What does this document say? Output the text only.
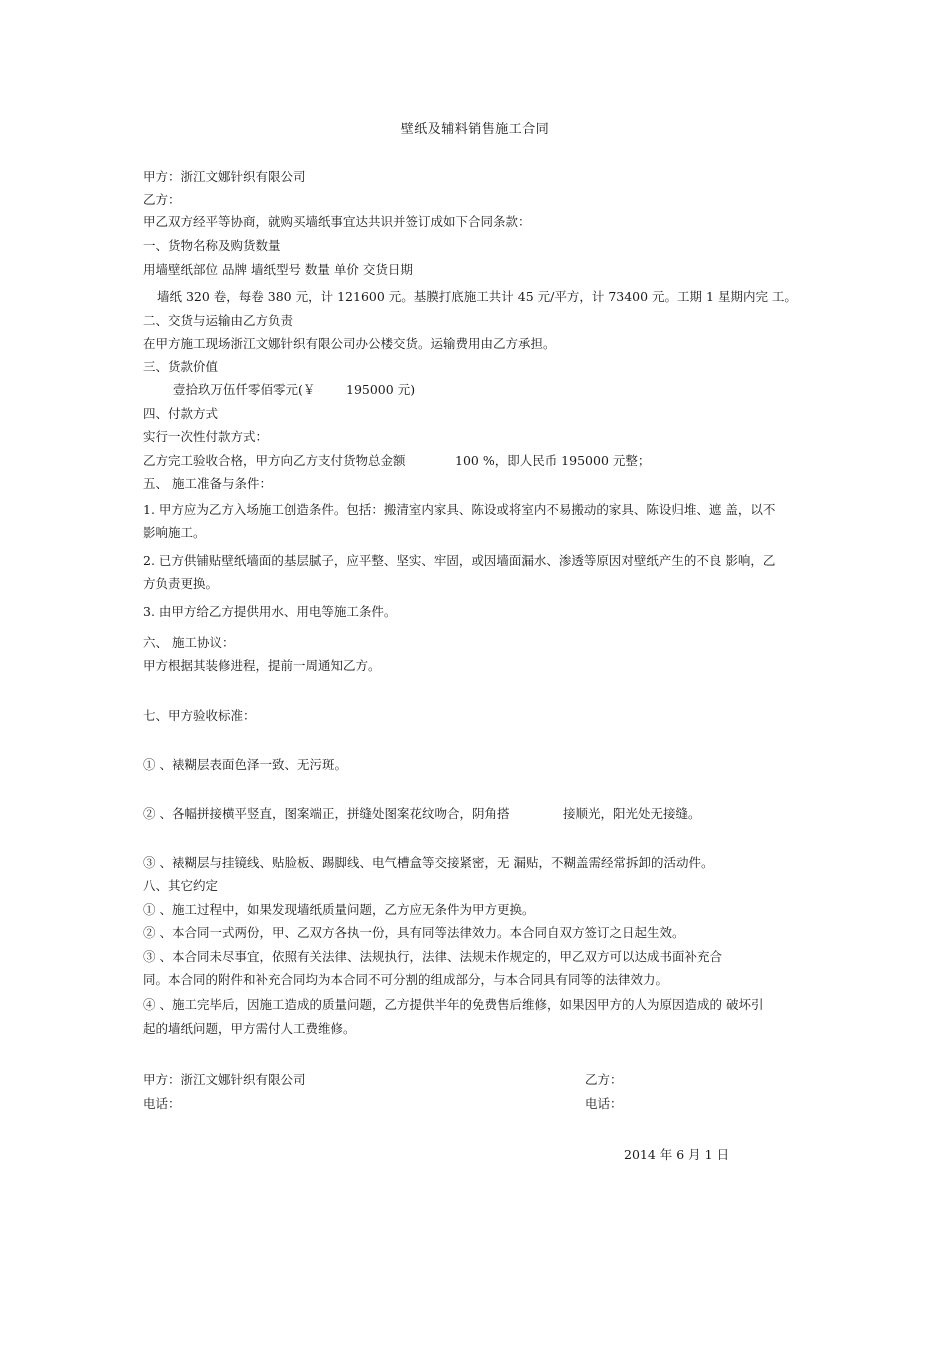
壁纸及辅料销售施工合同
甲方：浙江文娜针织有限公司
乙方：
甲乙双方经平等协商，就购买墙纸事宜达共识并签订成如下合同条款：
一、货物名称及购货数量
用墙壁纸部位 品牌 墙纸型号 数量 单价 交货日期
墙纸 320 卷，每卷 380 元，计 121600 元。基膜打底施工共计 45 元/平方，计 73400 元。工期 1 星期内完 工。
二、交货与运输由乙方负责
在甲方施工现场浙江文娜针织有限公司办公楼交货。运输费用由乙方承担。
三、货款价值
壹拾玖万伍仟零佰零元(￥ 195000 元)
四、付款方式
实行一次性付款方式：
乙方完工验收合格，甲方向乙方支付货物总金额	100 %，即人民币 195000 元整；
五、 施工准备与条件：
1. 甲方应为乙方入场施工创造条件。包括：搬清室内家具、陈设或将室内不易搬动的家具、陈设归堆、遮 盖，以不
影响施工。
2. 已方供铺贴壁纸墙面的基层腻子，应平整、坚实、牢固，或因墙面漏水、渗透等原因对壁纸产生的不良 影响，乙
方负责更换。
3. 由甲方给乙方提供用水、用电等施工条件。
六、 施工协议：
甲方根据其装修进程，提前一周通知乙方。
七、甲方验收标准：
① 、裱糊层表面色泽一致、无污斑。
② 、各幅拼接横平竖直，图案端正，拼缝处图案花纹吻合，阴角搭	接顺光，阳光处无接缝。
③ 、裱糊层与挂镜线、贴脸板、踢脚线、电气槽盒等交接紧密，无 漏贴，不糊盖需经常拆卸的活动件。
八、其它约定
① 、施工过程中，如果发现墙纸质量问题，乙方应无条件为甲方更换。
② 、本合同一式两份，甲、乙双方各执一份，具有同等法律效力。本合同自双方签订之日起生效。
③ 、本合同未尽事宜，依照有关法律、法规执行，法律、法规未作规定的，甲乙双方可以达成书面补充合
同。本合同的附件和补充合同均为本合同不可分割的组成部分，与本合同具有同等的法律效力。
④ 、施工完毕后，因施工造成的质量问题，乙方提供半年的免费售后维修，如果因甲方的人为原因造成的 破坏引
起的墙纸问题，甲方需付人工费维修。
甲方：浙江文娜针织有限公司
电话：
乙方：
电话：
2014 年 6 月 1 日
